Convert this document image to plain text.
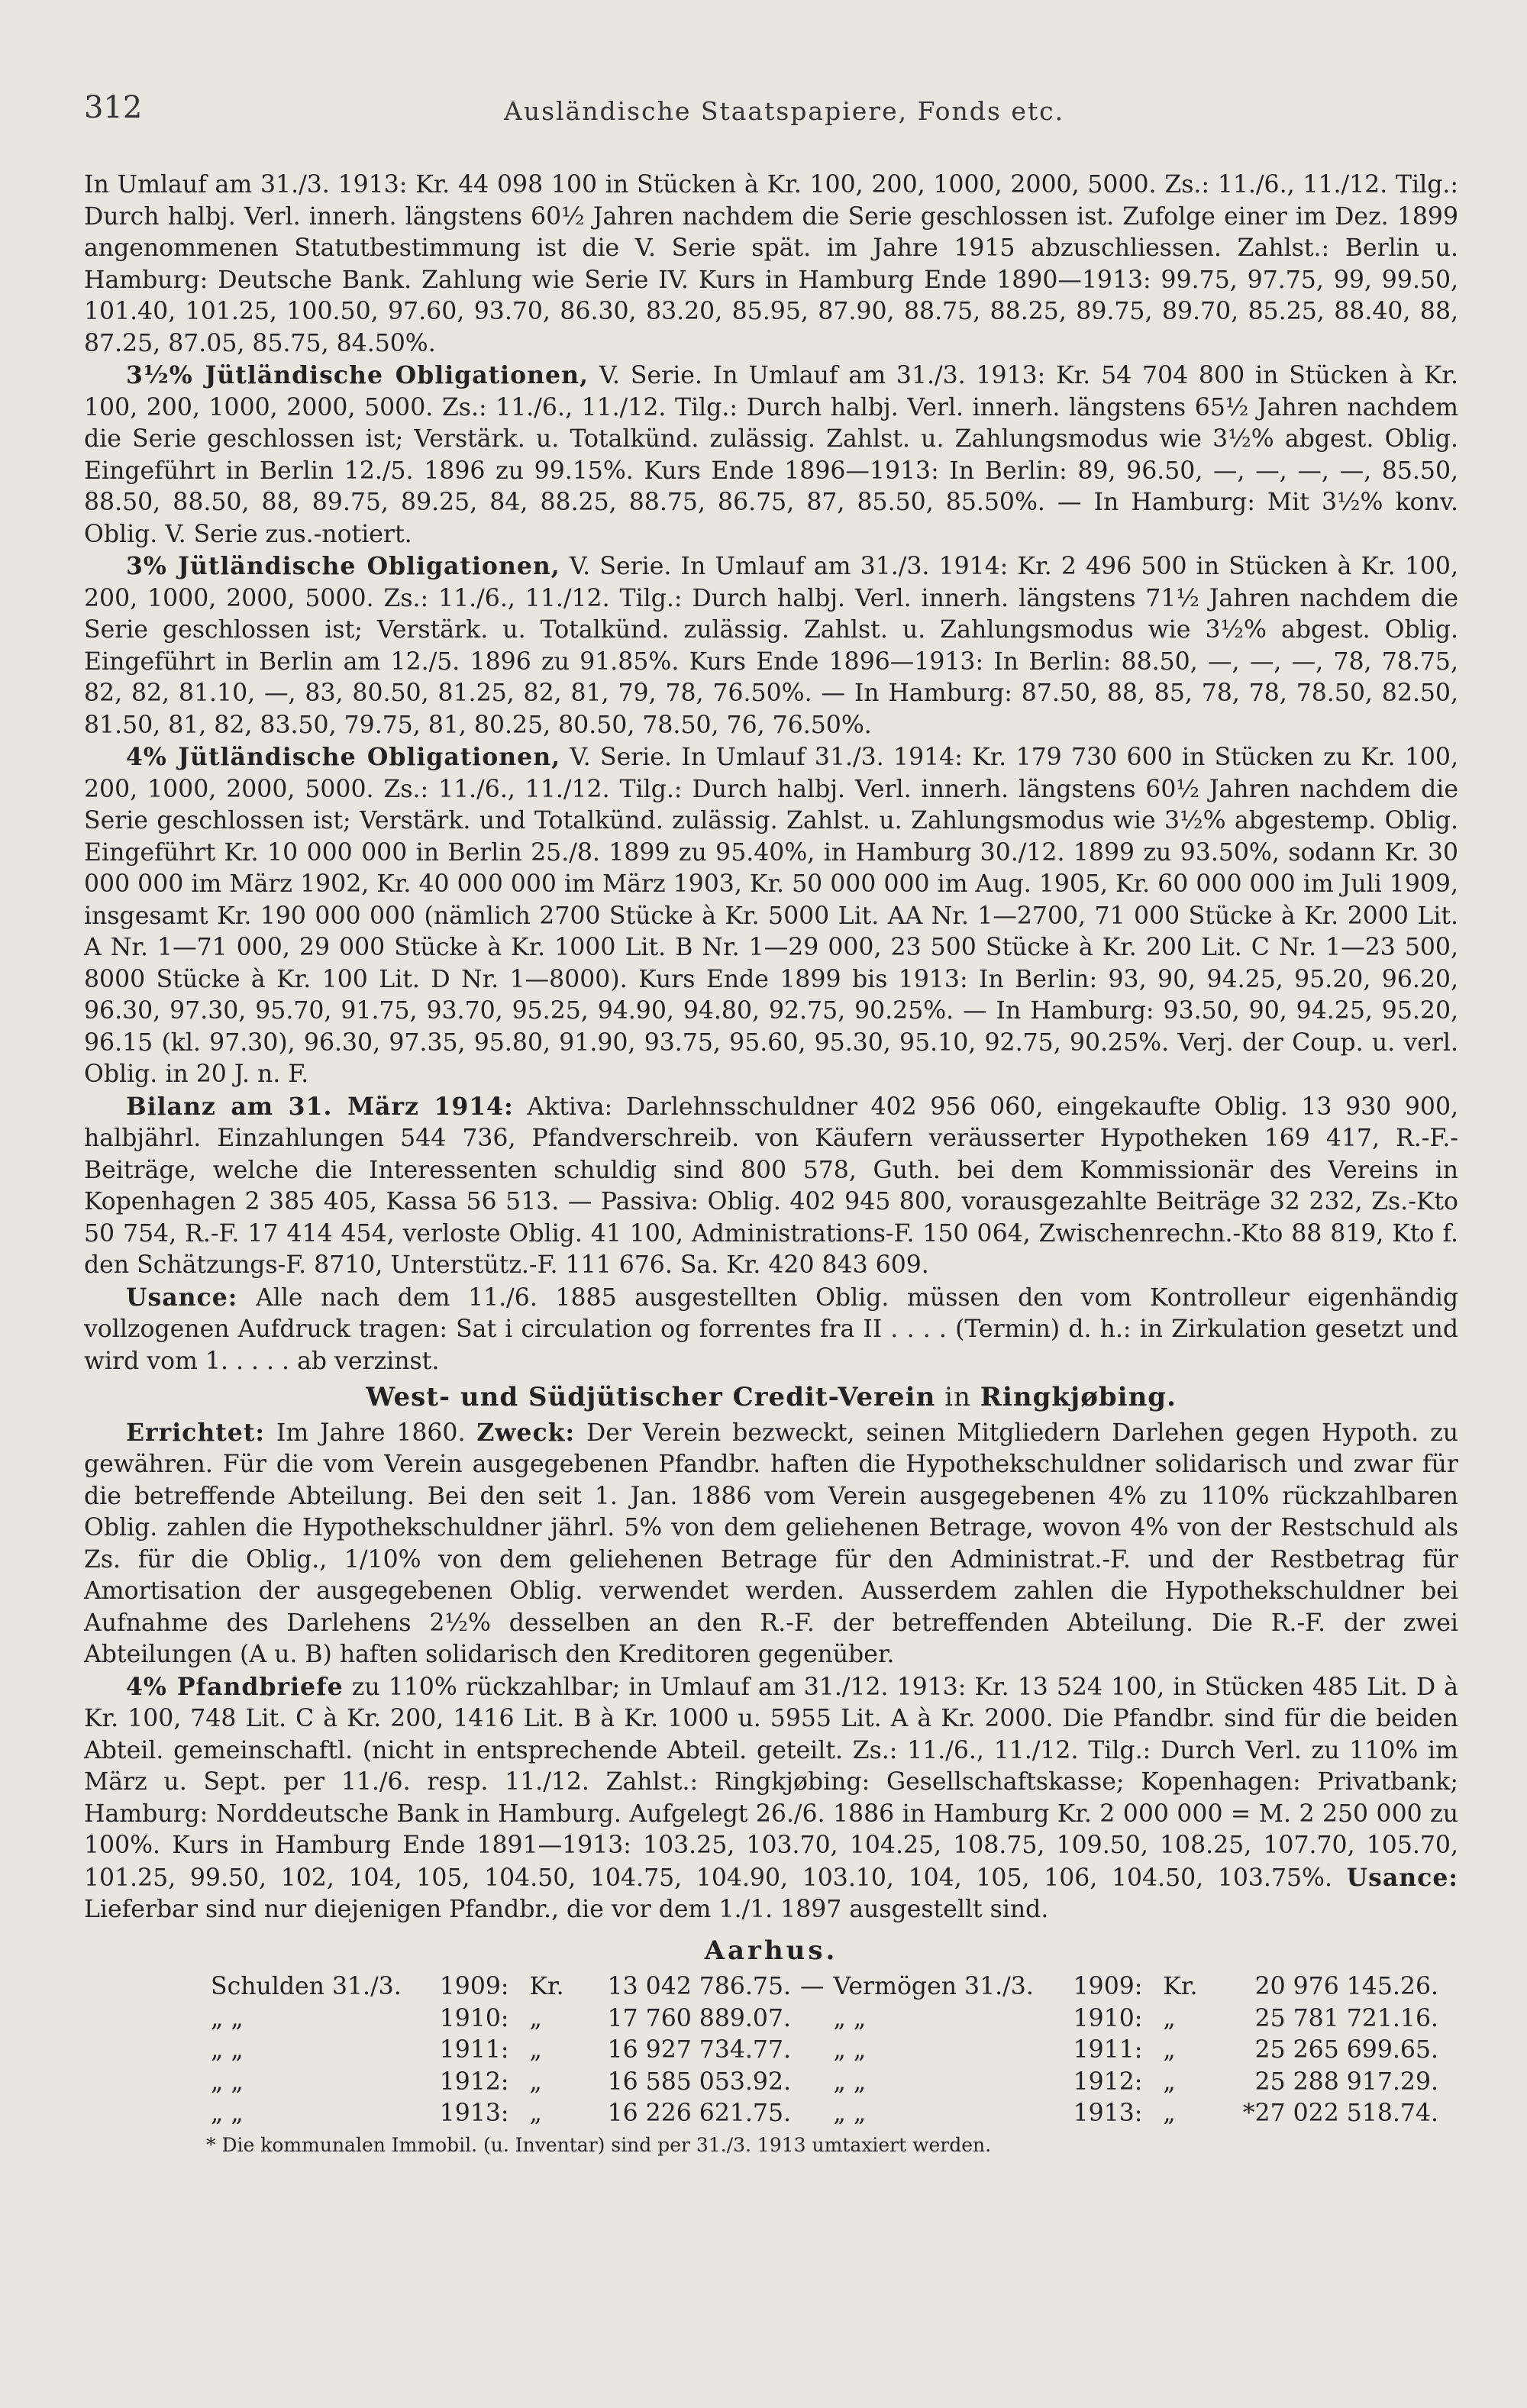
312	Ausländische Staatspapiere, Fonds etc.

In Umlauf am 31./3. 1913: Kr. 44 098 100 in Stücken à Kr. 100, 200, 1000, 2000, 5000. Zs.: 11./6., 11./12. Tilg.: Durch halbj. Verl. innerh. längstens 60½ Jahren nachdem die Serie geschlossen ist. Zufolge einer im Dez. 1899 angenommenen Statutbestimmung ist die V. Serie spät. im Jahre 1915 abzuschliessen. Zahlst.: Berlin u. Hamburg: Deutsche Bank. Zahlung wie Serie IV. Kurs in Hamburg Ende 1890—1913: 99.75, 97.75, 99, 99.50, 101.40, 101.25, 100.50, 97.60, 93.70, 86.30, 83.20, 85.95, 87.90, 88.75, 88.25, 89.75, 89.70, 85.25, 88.40, 88, 87.25, 87.05, 85.75, 84.50%.

3½% Jütländische Obligationen, V. Serie. In Umlauf am 31./3. 1913: Kr. 54 704 800 in Stücken à Kr. 100, 200, 1000, 2000, 5000. Zs.: 11./6., 11./12. Tilg.: Durch halbj. Verl. innerh. längstens 65½ Jahren nachdem die Serie geschlossen ist; Verstärk. u. Totalkünd. zulässig. Zahlst. u. Zahlungsmodus wie 3½% abgest. Oblig. Eingeführt in Berlin 12./5. 1896 zu 99.15%. Kurs Ende 1896—1913: In Berlin: 89, 96.50, —, —, —, —, 85.50, 88.50, 88.50, 88, 89.75, 89.25, 84, 88.25, 88.75, 86.75, 87, 85.50, 85.50%. — In Hamburg: Mit 3½% konv. Oblig. V. Serie zus.-notiert.

3% Jütländische Obligationen, V. Serie. In Umlauf am 31./3. 1914: Kr. 2 496 500 in Stücken à Kr. 100, 200, 1000, 2000, 5000. Zs.: 11./6., 11./12. Tilg.: Durch halbj. Verl. innerh. längstens 71½ Jahren nachdem die Serie geschlossen ist; Verstärk. u. Totalkünd. zulässig. Zahlst. u. Zahlungsmodus wie 3½% abgest. Oblig. Eingeführt in Berlin am 12./5. 1896 zu 91.85%. Kurs Ende 1896—1913: In Berlin: 88.50, —, —, —, 78, 78.75, 82, 82, 81.10, —, 83, 80.50, 81.25, 82, 81, 79, 78, 76.50%. — In Hamburg: 87.50, 88, 85, 78, 78, 78.50, 82.50, 81.50, 81, 82, 83.50, 79.75, 81, 80.25, 80.50, 78.50, 76, 76.50%.

4% Jütländische Obligationen, V. Serie. In Umlauf 31./3. 1914: Kr. 179 730 600 in Stücken zu Kr. 100, 200, 1000, 2000, 5000. Zs.: 11./6., 11./12. Tilg.: Durch halbj. Verl. innerh. längstens 60½ Jahren nachdem die Serie geschlossen ist; Verstärk. und Totalkünd. zulässig. Zahlst. u. Zahlungsmodus wie 3½% abgestemp. Oblig. Eingeführt Kr. 10 000 000 in Berlin 25./8. 1899 zu 95.40%, in Hamburg 30./12. 1899 zu 93.50%, sodann Kr. 30 000 000 im März 1902, Kr. 40 000 000 im März 1903, Kr. 50 000 000 im Aug. 1905, Kr. 60 000 000 im Juli 1909, insgesamt Kr. 190 000 000 (nämlich 2700 Stücke à Kr. 5000 Lit. AA Nr. 1—2700, 71 000 Stücke à Kr. 2000 Lit. A Nr. 1—71 000, 29 000 Stücke à Kr. 1000 Lit. B Nr. 1—29 000, 23 500 Stücke à Kr. 200 Lit. C Nr. 1—23 500, 8000 Stücke à Kr. 100 Lit. D Nr. 1—8000). Kurs Ende 1899 bis 1913: In Berlin: 93, 90, 94.25, 95.20, 96.20, 96.30, 97.30, 95.70, 91.75, 93.70, 95.25, 94.90, 94.80, 92.75, 90.25%. — In Hamburg: 93.50, 90, 94.25, 95.20, 96.15 (kl. 97.30), 96.30, 97.35, 95.80, 91.90, 93.75, 95.60, 95.30, 95.10, 92.75, 90.25%. Verj. der Coup. u. verl. Oblig. in 20 J. n. F.

Bilanz am 31. März 1914: Aktiva: Darlehnsschuldner 402 956 060, eingekaufte Oblig. 13 930 900, halbjährl. Einzahlungen 544 736, Pfandverschreib. von Käufern veräusserter Hypotheken 169 417, R.-F.-Beiträge, welche die Interessenten schuldig sind 800 578, Guth. bei dem Kommissionär des Vereins in Kopenhagen 2 385 405, Kassa 56 513. — Passiva: Oblig. 402 945 800, vorausgezahlte Beiträge 32 232, Zs.-Kto 50 754, R.-F. 17 414 454, verloste Oblig. 41 100, Administrations-F. 150 064, Zwischenrechn.-Kto 88 819, Kto f. den Schätzungs-F. 8710, Unterstütz.-F. 111 676. Sa. Kr. 420 843 609.

Usance: Alle nach dem 11./6. 1885 ausgestellten Oblig. müssen den vom Kontrolleur eigenhändig vollzogenen Aufdruck tragen: Sat i circulation og forrentes fra II . . . . (Termin) d. h.: in Zirkulation gesetzt und wird vom 1. . . . . ab verzinst.

West- und Südjütischer Credit-Verein in Ringkjøbing.

Errichtet: Im Jahre 1860. Zweck: Der Verein bezweckt, seinen Mitgliedern Darlehen gegen Hypoth. zu gewähren. Für die vom Verein ausgegebenen Pfandbr. haften die Hypothekschuldner solidarisch und zwar für die betreffende Abteilung. Bei den seit 1. Jan. 1886 vom Verein ausgegebenen 4% zu 110% rückzahlbaren Oblig. zahlen die Hypothekschuldner jährl. 5% von dem geliehenen Betrage, wovon 4% von der Restschuld als Zs. für die Oblig., 1/10% von dem geliehenen Betrage für den Administrat.-F. und der Restbetrag für Amortisation der ausgegebenen Oblig. verwendet werden. Ausserdem zahlen die Hypothekschuldner bei Aufnahme des Darlehens 2½% desselben an den R.-F. der betreffenden Abteilung. Die R.-F. der zwei Abteilungen (A u. B) haften solidarisch den Kreditoren gegenüber.

4% Pfandbriefe zu 110% rückzahlbar; in Umlauf am 31./12. 1913: Kr. 13 524 100, in Stücken 485 Lit. D à Kr. 100, 748 Lit. C à Kr. 200, 1416 Lit. B à Kr. 1000 u. 5955 Lit. A à Kr. 2000. Die Pfandbr. sind für die beiden Abteil. gemeinschaftl. (nicht in entsprechende Abteil. geteilt. Zs.: 11./6., 11./12. Tilg.: Durch Verl. zu 110% im März u. Sept. per 11./6. resp. 11./12. Zahlst.: Ringkjøbing: Gesellschaftskasse; Kopenhagen: Privatbank; Hamburg: Norddeutsche Bank in Hamburg. Aufgelegt 26./6. 1886 in Hamburg Kr. 2 000 000 = M. 2 250 000 zu 100%. Kurs in Hamburg Ende 1891—1913: 103.25, 103.70, 104.25, 108.75, 109.50, 108.25, 107.70, 105.70, 101.25, 99.50, 102, 104, 105, 104.50, 104.75, 104.90, 103.10, 104, 105, 106, 104.50, 103.75%. Usance: Lieferbar sind nur diejenigen Pfandbr., die vor dem 1./1. 1897 ausgestellt sind.

Aarhus.
Schulden 31./3.	1909:	Kr.	13 042 786.75.	—	Vermögen 31./3.	1909:	Kr.	20 976 145.26.
„ „	1910:	„	17 760 889.07.		„ „	1910:	„	25 781 721.16.
„ „	1911:	„	16 927 734.77.		„ „	1911:	„	25 265 699.65.
„ „	1912:	„	16 585 053.92.		„ „	1912:	„	25 288 917.29.
„ „	1913:	„	16 226 621.75.		„ „	1913:	„	*27 022 518.74.
* Die kommunalen Immobil. (u. Inventar) sind per 31./3. 1913 umtaxiert werden.
